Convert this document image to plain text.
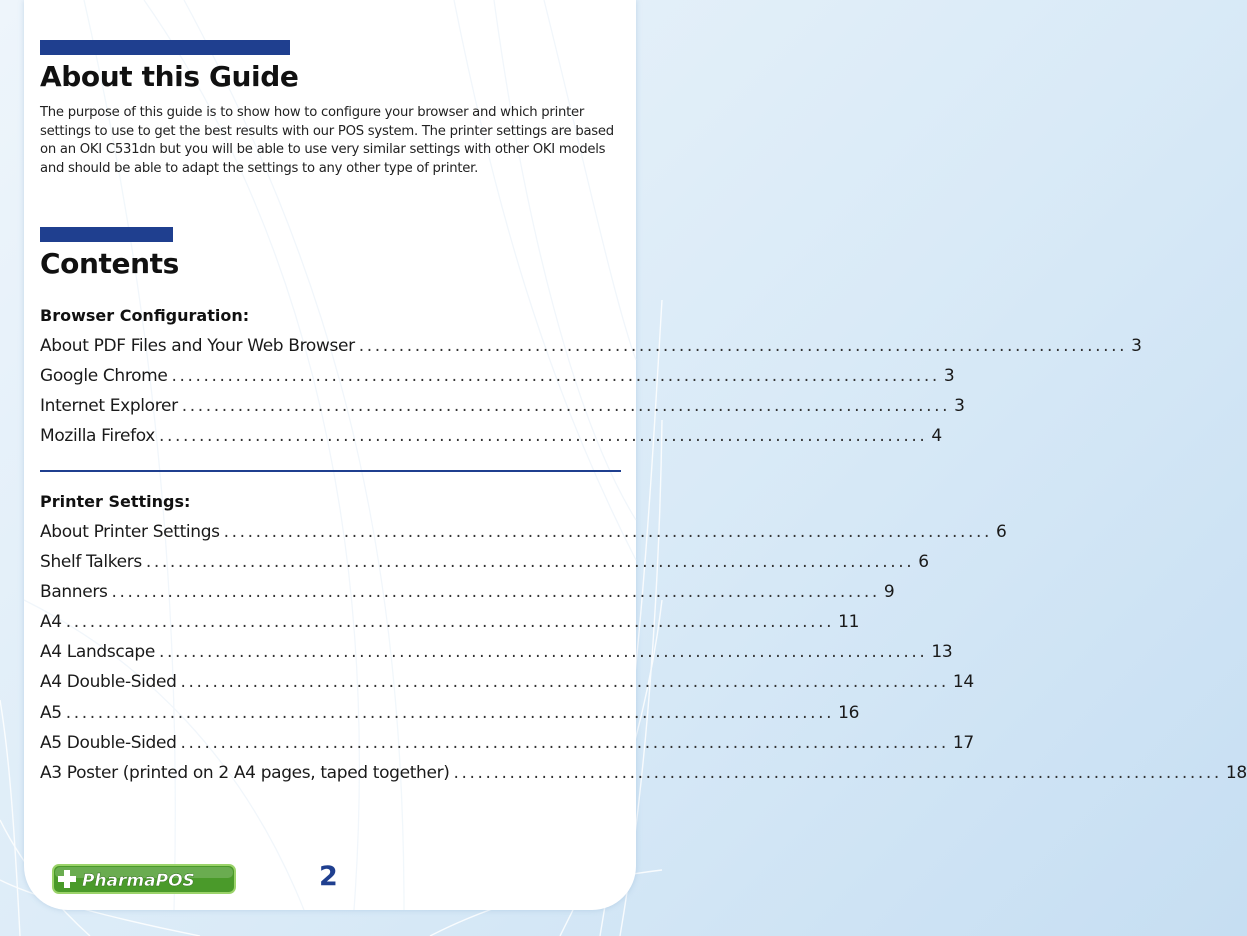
About this Guide
The purpose of this guide is to show how to configure your browser and which printer settings to use to get the best results with our POS system. The printer settings are based on an OKI C531dn but you will be able to use very similar settings with other OKI models and should be able to adapt the settings to any other type of printer.
Contents
Browser Configuration:
About PDF Files and Your Web Browser ................................................................................................ 3
Google Chrome ................................................................................................ 3
Internet Explorer ................................................................................................ 3
Mozilla Firefox ................................................................................................ 4
Printer Settings:
About Printer Settings ................................................................................................ 6
Shelf Talkers ................................................................................................ 6
Banners ................................................................................................ 9
A4 ................................................................................................ 11
A4 Landscape ................................................................................................ 13
A4 Double-Sided ................................................................................................ 14
A5 ................................................................................................ 16
A5 Double-Sided ................................................................................................ 17
A3 Poster (printed on 2 A4 pages, taped together) ................................................................................................ 18
PharmaPOS	2
